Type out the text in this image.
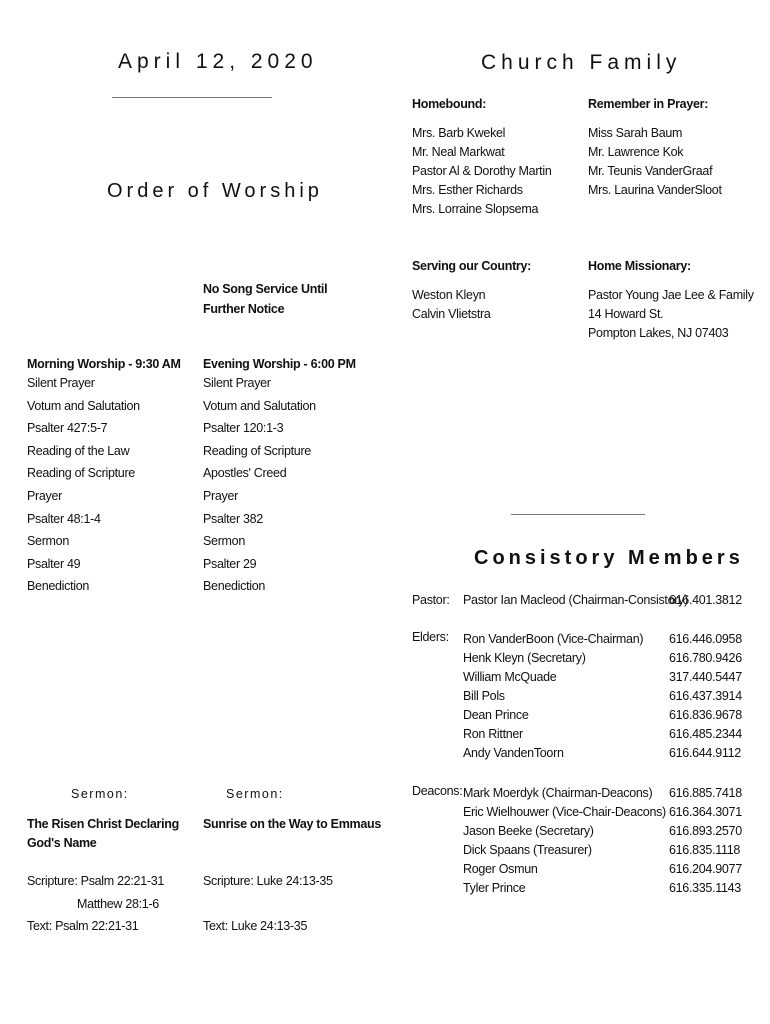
April 12, 2020
Order of Worship
No Song Service Until
Further Notice
Morning Worship - 9:30 AM
Silent Prayer
Votum and Salutation
Psalter 427:5-7
Reading of the Law
Reading of Scripture
Prayer
Psalter 48:1-4
Sermon
Psalter 49
Benediction
Evening Worship - 6:00 PM
Silent Prayer
Votum and Salutation
Psalter 120:1-3
Reading of Scripture
Apostles' Creed
Prayer
Psalter 382
Sermon
Psalter 29
Benediction
Sermon:	Sermon:
The Risen Christ Declaring
God's Name
Sunrise on the Way to Emmaus
Scripture: Psalm 22:21-31
Matthew 28:1-6
Text: Psalm 22:21-31
Scripture: Luke 24:13-35
Text: Luke 24:13-35
Church Family
Homebound:
Mrs. Barb Kwekel
Mr. Neal Markwat
Pastor Al & Dorothy Martin
Mrs. Esther Richards
Mrs. Lorraine Slopsema
Remember in Prayer:
Miss Sarah Baum
Mr. Lawrence Kok
Mr. Teunis VanderGraaf
Mrs. Laurina VanderSloot
Serving our Country:
Weston Kleyn
Calvin Vlietstra
Home Missionary:
Pastor Young Jae Lee & Family
14 Howard St.
Pompton Lakes, NJ 07403
Consistory Members
Pastor: Pastor Ian Macleod (Chairman-Consistory)
616.401.3812
Elders: Ron VanderBoon (Vice-Chairman)
Henk Kleyn (Secretary)
William McQuade
Bill Pols
Dean Prince
Ron Rittner
Andy VandenToorn
616.446.0958
616.780.9426
317.440.5447
616.437.3914
616.836.9678
616.485.2344
616.644.9112
Deacons: Mark Moerdyk (Chairman-Deacons)
Eric Wielhouwer (Vice-Chair-Deacons)
Jason Beeke (Secretary)
Dick Spaans (Treasurer)
Roger Osmun
Tyler Prince
616.885.7418
616.364.3071
616.893.2570
616.835.1118
616.204.9077
616.335.1143
